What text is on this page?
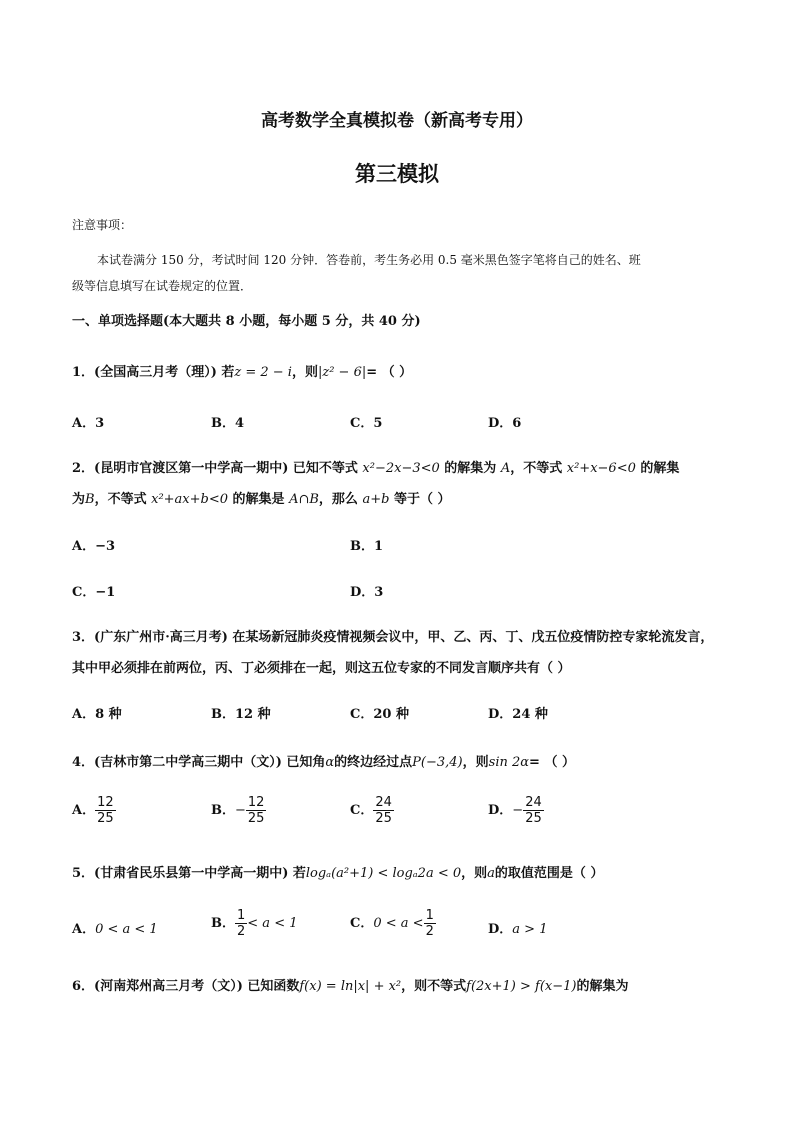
高考数学全真模拟卷（新高考专用）
第三模拟
注意事项：
本试卷满分 150 分，考试时间 120 分钟．答卷前，考生务必用 0.5 毫米黑色签字笔将自己的姓名、班
级等信息填写在试卷规定的位置．
一、单项选择题(本大题共 8 小题，每小题 5 分，共 40 分)
1．(全国高三月考（理）) 若z = 2 − i，则|z² − 6|= （ ）
A．3	B．4	C．5	D．6
2．(昆明市官渡区第一中学高一期中) 已知不等式 x²−2x−3<0 的解集为 A，不等式 x²+x−6<0 的解集
为B，不等式 x²+ax+b<0 的解集是 A∩B，那么 a+b 等于（ ）
A．−3	B．1
C．−1	D．3
3．(广东广州市·高三月考) 在某场新冠肺炎疫情视频会议中，甲、乙、丙、丁、戊五位疫情防控专家轮流发言，
其中甲必须排在前两位，丙、丁必须排在一起，则这五位专家的不同发言顺序共有（ ）
A．8 种	B．12 种	C．20 种	D．24 种
4．(吉林市第二中学高三期中（文）) 已知角α的终边经过点P(−3,4)，则sin 2α= （ ）
A． $\frac{12}{25}$	B．− $\frac{12}{25}$	C． $\frac{24}{25}$	D．− $\frac{24}{25}$
5．(甘肃省民乐县第一中学高一期中) 若logₐ(a²+1) < logₐ2a < 0，则a的取值范围是（ ）
A．0 < a < 1	B． $\frac{1}{2} < a < 1$	C．$0 < a < \frac{1}{2}$	D．a > 1
6．(河南郑州高三月考（文）) 已知函数f(x) = ln|x| + x²，则不等式f(2x+1) > f(x−1)的解集为
